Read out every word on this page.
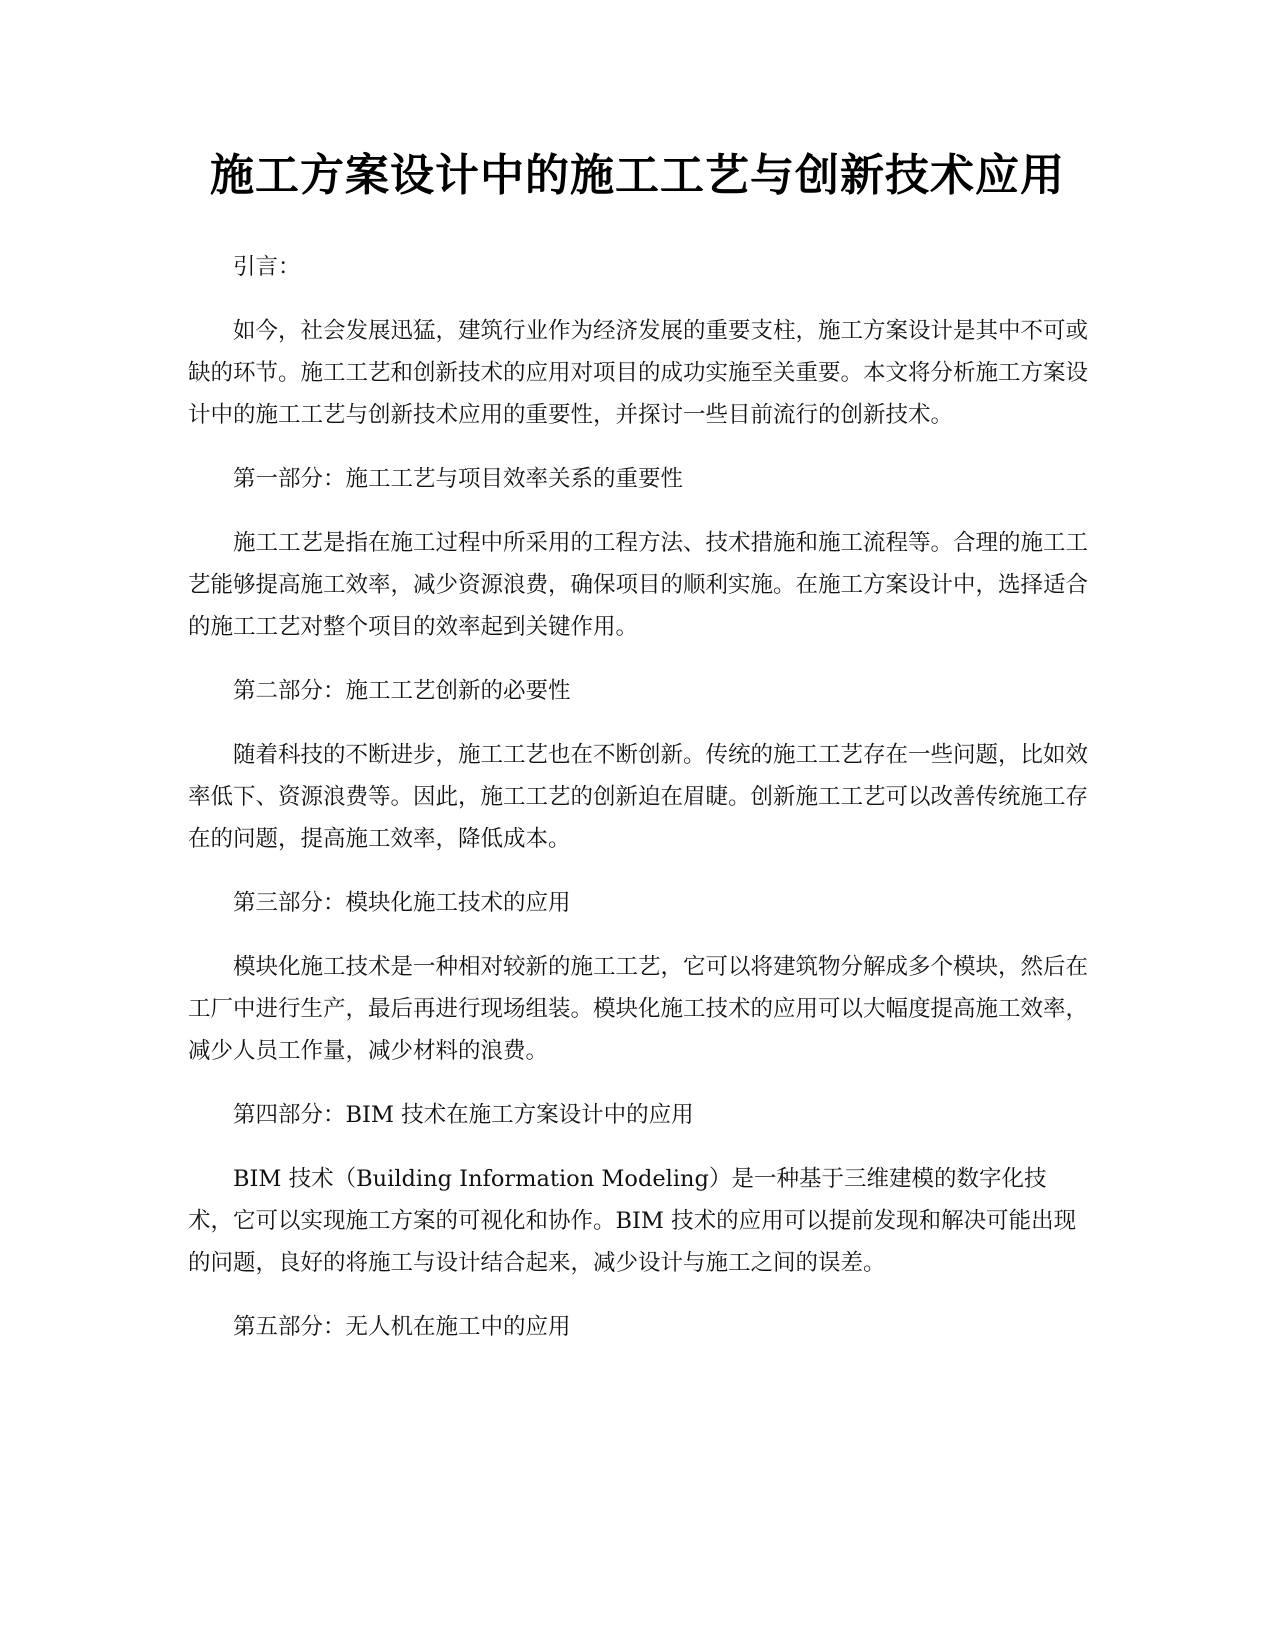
施工方案设计中的施工工艺与创新技术应用

引言：

如今，社会发展迅猛，建筑行业作为经济发展的重要支柱，施工方案设计是其中不可或缺的环节。施工工艺和创新技术的应用对项目的成功实施至关重要。本文将分析施工方案设计中的施工工艺与创新技术应用的重要性，并探讨一些目前流行的创新技术。

第一部分：施工工艺与项目效率关系的重要性

施工工艺是指在施工过程中所采用的工程方法、技术措施和施工流程等。合理的施工工艺能够提高施工效率，减少资源浪费，确保项目的顺利实施。在施工方案设计中，选择适合的施工工艺对整个项目的效率起到关键作用。

第二部分：施工工艺创新的必要性

随着科技的不断进步，施工工艺也在不断创新。传统的施工工艺存在一些问题，比如效率低下、资源浪费等。因此，施工工艺的创新迫在眉睫。创新施工工艺可以改善传统施工存在的问题，提高施工效率，降低成本。

第三部分：模块化施工技术的应用

模块化施工技术是一种相对较新的施工工艺，它可以将建筑物分解成多个模块，然后在工厂中进行生产，最后再进行现场组装。模块化施工技术的应用可以大幅度提高施工效率，减少人员工作量，减少材料的浪费。

第四部分：BIM 技术在施工方案设计中的应用

BIM 技术（Building Information Modeling）是一种基于三维建模的数字化技术，它可以实现施工方案的可视化和协作。BIM 技术的应用可以提前发现和解决可能出现的问题，良好的将施工与设计结合起来，减少设计与施工之间的误差。

第五部分：无人机在施工中的应用
